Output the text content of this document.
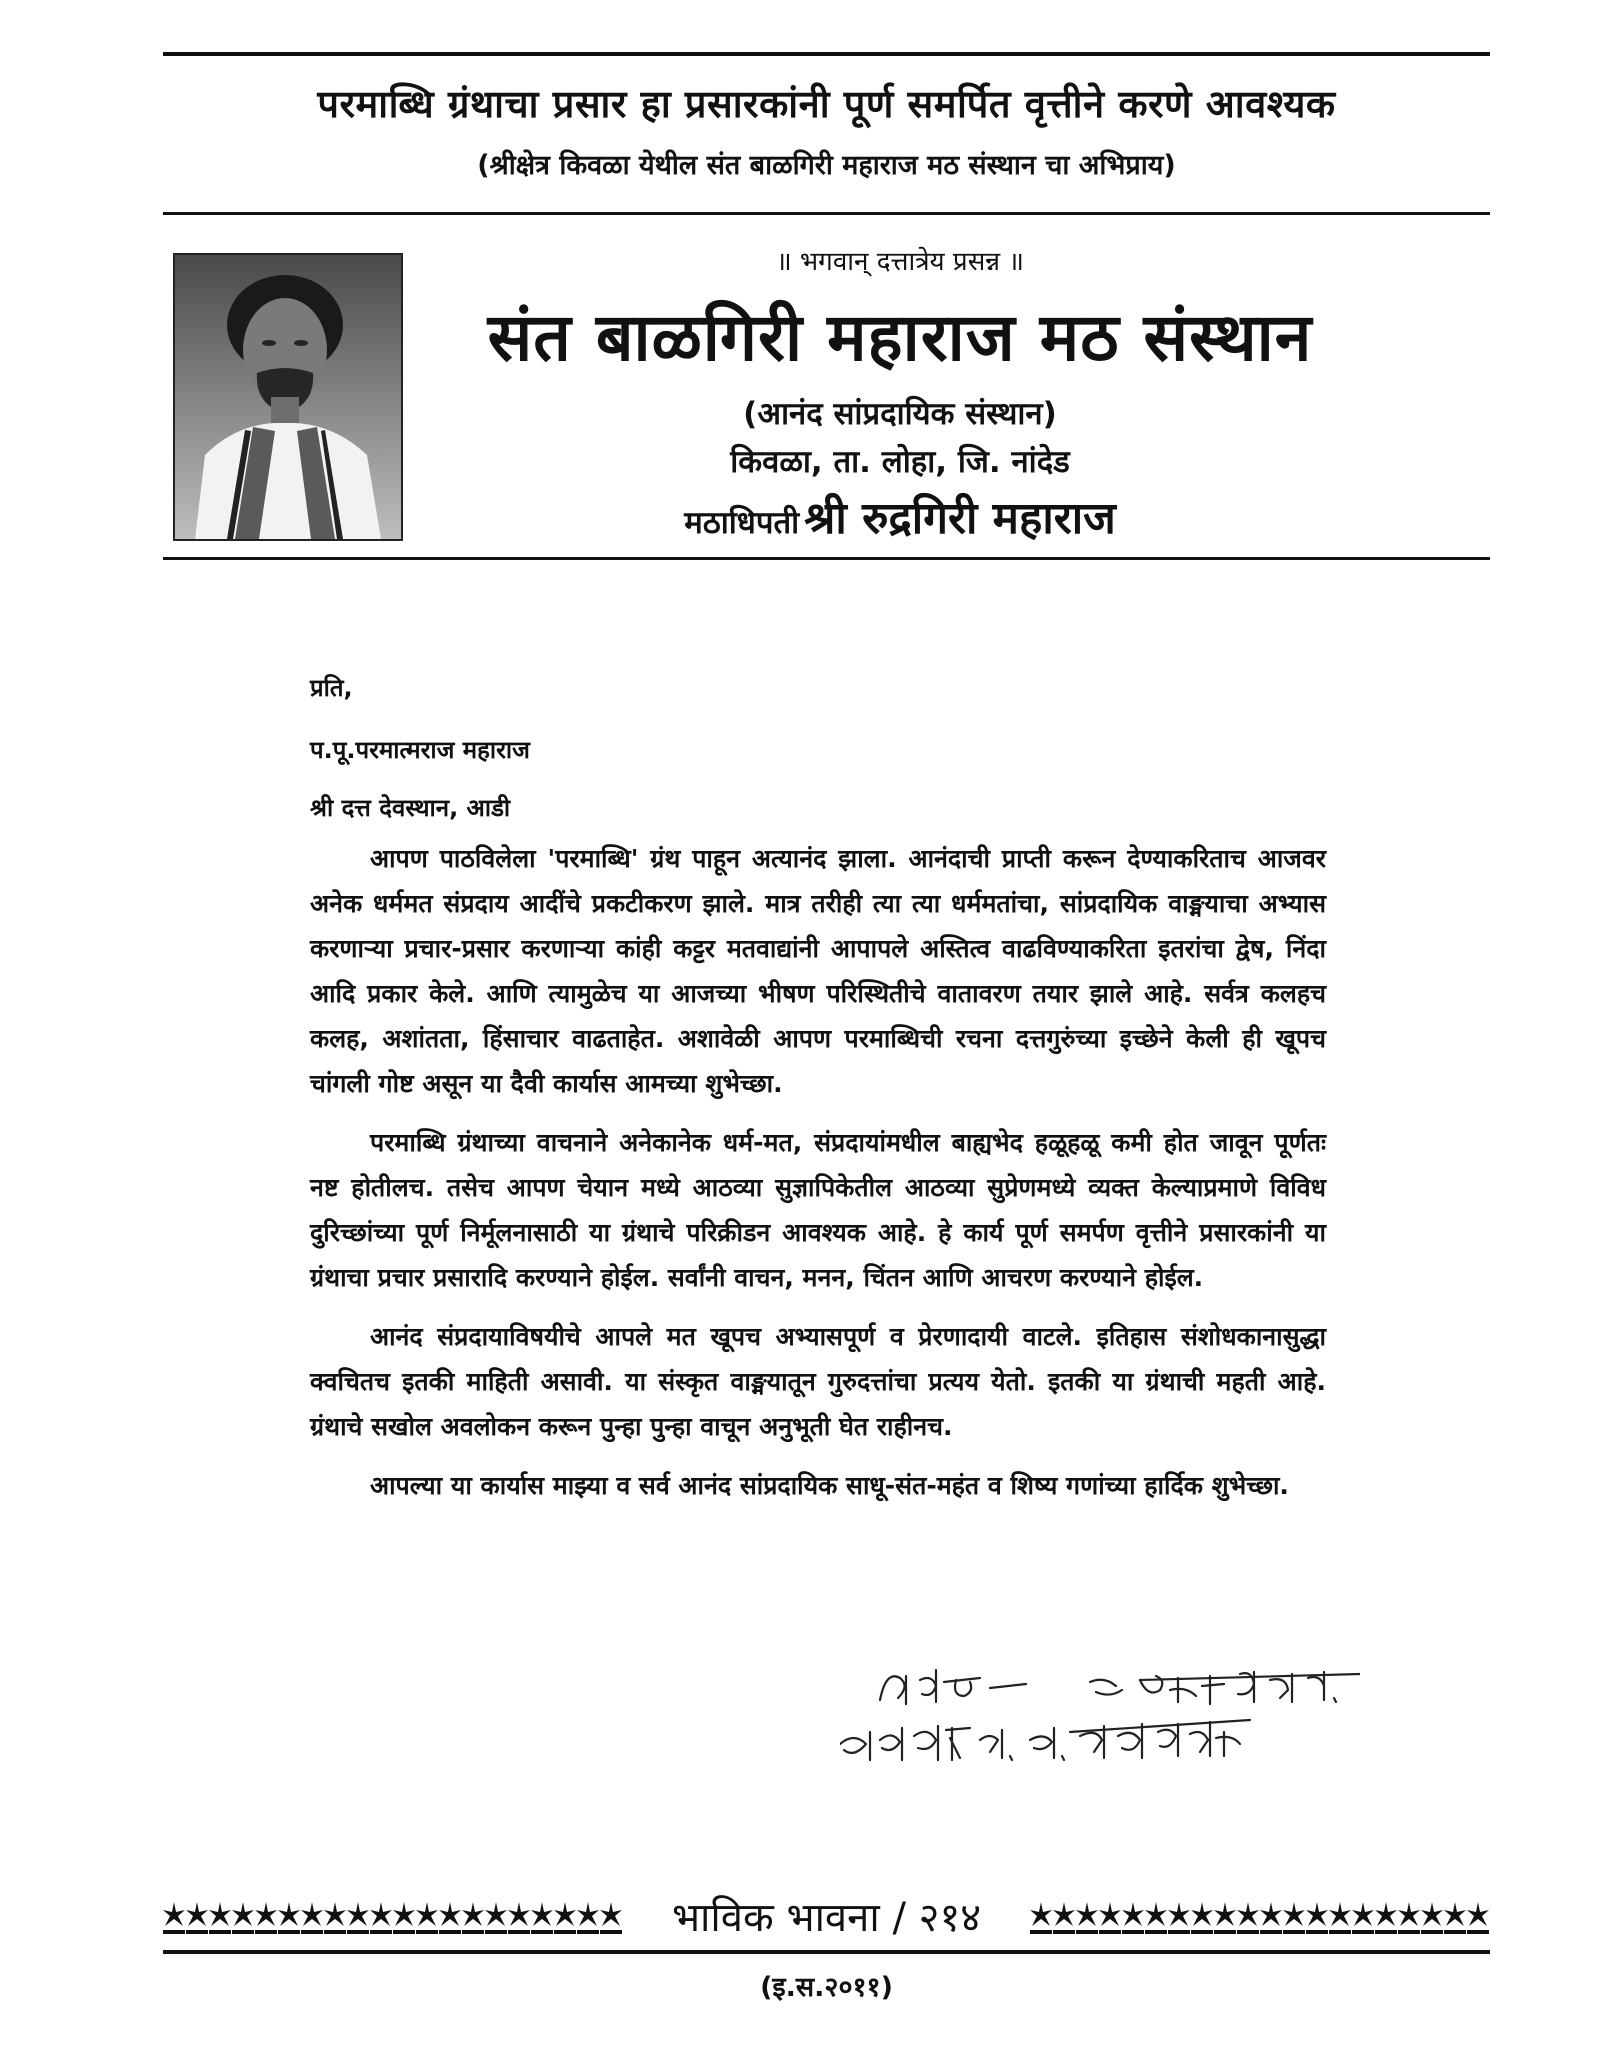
परमाब्धि ग्रंथाचा प्रसार हा प्रसारकांनी पूर्ण समर्पित वृत्तीने करणे आवश्यक
(श्रीक्षेत्र किवळा येथील संत बाळगिरी महाराज मठ संस्थान चा अभिप्राय)
॥ भगवान् दत्तात्रेय प्रसन्न ॥
संत बाळगिरी महाराज मठ संस्थान
(आनंद सांप्रदायिक संस्थान)
किवळा, ता. लोहा, जि. नांदेड
मठाधिपती श्री रुद्रगिरी महाराज
प्रति,
प.पू.परमात्मराज महाराज
श्री दत्त देवस्थान, आडी

आपण पाठविलेला 'परमाब्धि' ग्रंथ पाहून अत्यानंद झाला. आनंदाची प्राप्ती करून देण्याकरिताच आजवर अनेक धर्ममत संप्रदाय आदींचे प्रकटीकरण झाले. मात्र तरीही त्या त्या धर्ममतांचा, सांप्रदायिक वाङ्मयाचा अभ्यास करणाऱ्या प्रचार-प्रसार करणाऱ्या कांही कट्टर मतवाद्यांनी आपापले अस्तित्व वाढविण्याकरिता इतरांचा द्वेष, निंदा आदि प्रकार केले. आणि त्यामुळेच या आजच्या भीषण परिस्थितीचे वातावरण तयार झाले आहे. सर्वत्र कलहच कलह, अशांतता, हिंसाचार वाढताहेत. अशावेळी आपण परमाब्धिची रचना दत्तगुरुंच्या इच्छेने केली ही खूपच चांगली गोष्ट असून या दैवी कार्यास आमच्या शुभेच्छा.

परमाब्धि ग्रंथाच्या वाचनाने अनेकानेक धर्म-मत, संप्रदायांमधील बाह्यभेद हळूहळू कमी होत जावून पूर्णतः नष्ट होतीलच. तसेच आपण चेयान मध्ये आठव्या सुज्ञापिकेतील आठव्या सुप्रेणमध्ये व्यक्त केल्याप्रमाणे विविध दुरिच्छांच्या पूर्ण निर्मूलनासाठी या ग्रंथाचे परिक्रीडन आवश्यक आहे. हे कार्य पूर्ण समर्पण वृत्तीने प्रसारकांनी या ग्रंथाचा प्रचार प्रसारादि करण्याने होईल. सर्वांनी वाचन, मनन, चिंतन आणि आचरण करण्याने होईल.

आनंद संप्रदायाविषयीचे आपले मत खूपच अभ्यासपूर्ण व प्रेरणादायी वाटले. इतिहास संशोधकानासुद्धा क्वचितच इतकी माहिती असावी. या संस्कृत वाङ्मयातून गुरुदत्तांचा प्रत्यय येतो. इतकी या ग्रंथाची महती आहे. ग्रंथाचे सखोल अवलोकन करून पुन्हा पुन्हा वाचून अनुभूती घेत राहीनच.

आपल्या या कार्यास माझ्या व सर्व आनंद सांप्रदायिक साधू-संत-महंत व शिष्य गणांच्या हार्दिक शुभेच्छा.

भाविक भावना / २१४
(इ.स.२०११)
